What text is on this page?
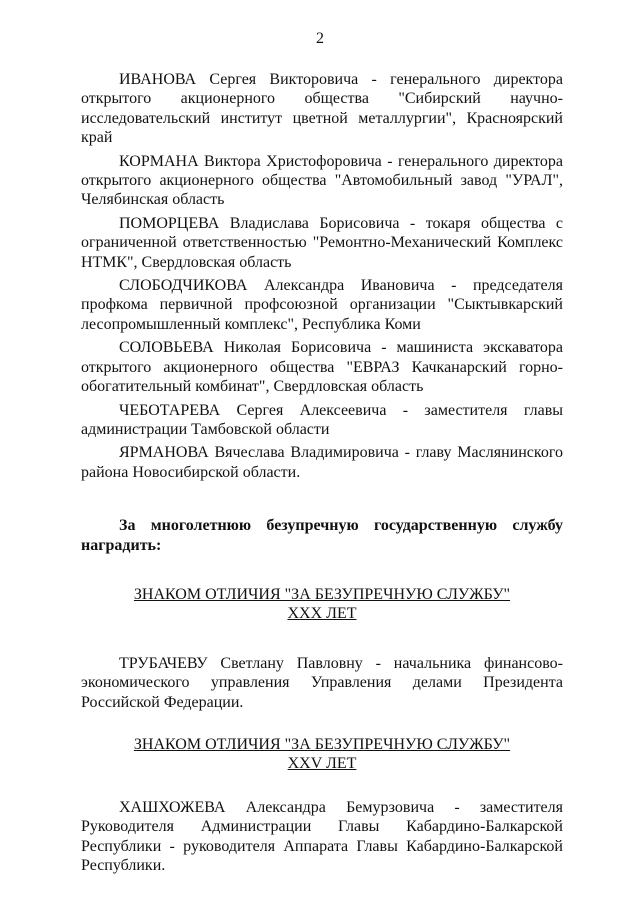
2

ИВАНОВА Сергея Викторовича - генерального директора открытого акционерного общества "Сибирский научно-исследовательский институт цветной металлургии", Красноярский край

КОРМАНА Виктора Христофоровича - генерального директора открытого акционерного общества "Автомобильный завод "УРАЛ", Челябинская область

ПОМОРЦЕВА Владислава Борисовича - токаря общества с ограниченной ответственностью "Ремонтно-Механический Комплекс НТМК", Свердловская область

СЛОБОДЧИКОВА Александра Ивановича - председателя профкома первичной профсоюзной организации "Сыктывкарский лесопромышленный комплекс", Республика Коми

СОЛОВЬЕВА Николая Борисовича - машиниста экскаватора открытого акционерного общества "ЕВРАЗ Качканарский горно-обогатительный комбинат", Свердловская область

ЧЕБОТАРЕВА Сергея Алексеевича - заместителя главы администрации Тамбовской области

ЯРМАНОВА Вячеслава Владимировича - главу Маслянинского района Новосибирской области.

За многолетнюю безупречную государственную службу наградить:

ЗНАКОМ ОТЛИЧИЯ "ЗА БЕЗУПРЕЧНУЮ СЛУЖБУ"
XXX ЛЕТ

ТРУБАЧЕВУ Светлану Павловну - начальника финансово-экономического управления Управления делами Президента Российской Федерации.

ЗНАКОМ ОТЛИЧИЯ "ЗА БЕЗУПРЕЧНУЮ СЛУЖБУ"
XXV ЛЕТ

ХАШХОЖЕВА Александра Бемурзовича - заместителя Руководителя Администрации Главы Кабардино-Балкарской Республики - руководителя Аппарата Главы Кабардино-Балкарской Республики.
